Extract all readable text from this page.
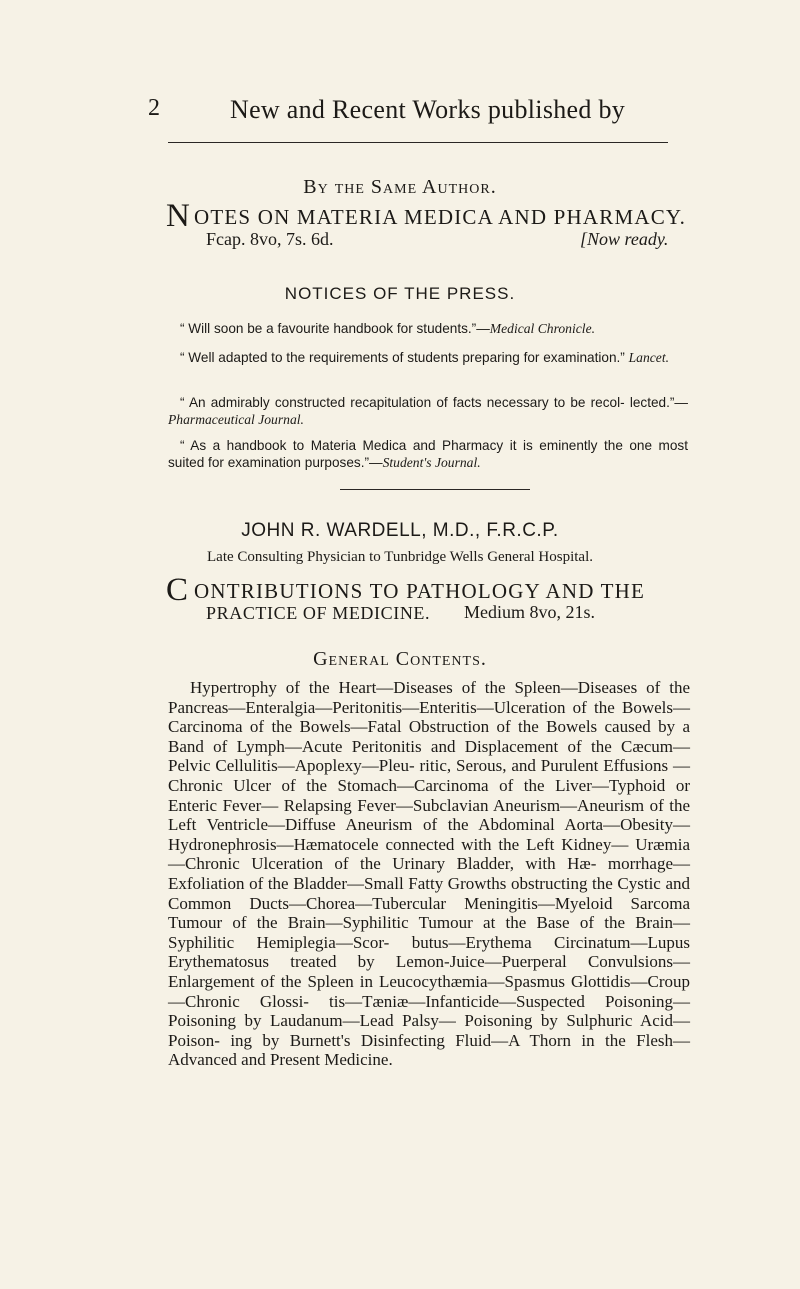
2	New and Recent Works published by
By the Same Author.
N OTES ON MATERIA MEDICA AND PHARMACY.
Fcap. 8vo, 7s. 6d.	[Now ready.
NOTICES OF THE PRESS.
“ Will soon be a favourite handbook for students.”—Medical Chronicle.
“ Well adapted to the requirements of students preparing for examination.” Lancet.
“ An admirably constructed recapitulation of facts necessary to be recol- lected.”—Pharmaceutical Journal.
“ As a handbook to Materia Medica and Pharmacy it is eminently the one most suited for examination purposes.”—Student's Journal.
JOHN R. WARDELL, M.D., F.R.C.P.
Late Consulting Physician to Tunbridge Wells General Hospital.
C ONTRIBUTIONS TO PATHOLOGY AND THE
PRACTICE OF MEDICINE.	Medium 8vo, 21s.
General Contents.
Hypertrophy of the Heart—Diseases of the Spleen—Diseases of the Pancreas—Enteralgia—Peritonitis—Enteritis—Ulceration of the Bowels—Carcinoma of the Bowels—Fatal Obstruction of the Bowels caused by a Band of Lymph—Acute Peritonitis and Displacement of the Cæcum—Pelvic Cellulitis—Apoplexy—Pleu- ritic, Serous, and Purulent Effusions — Chronic Ulcer of the Stomach—Carcinoma of the Liver—Typhoid or Enteric Fever— Relapsing Fever—Subclavian Aneurism—Aneurism of the Left Ventricle—Diffuse Aneurism of the Abdominal Aorta—Obesity— Hydronephrosis—Hæmatocele connected with the Left Kidney— Uræmia—Chronic Ulceration of the Urinary Bladder, with Hæ- morrhage—Exfoliation of the Bladder—Small Fatty Growths obstructing the Cystic and Common Ducts—Chorea—Tubercular Meningitis—Myeloid Sarcoma Tumour of the Brain—Syphilitic Tumour at the Base of the Brain—Syphilitic Hemiplegia—Scor- butus—Erythema Circinatum—Lupus Erythematosus treated by Lemon-Juice—Puerperal Convulsions—Enlargement of the Spleen in Leucocythæmia—Spasmus Glottidis—Croup—Chronic Glossi- tis—Tæniæ—Infanticide—Suspected Poisoning—Poisoning by Laudanum—Lead Palsy— Poisoning by Sulphuric Acid—Poison- ing by Burnett's Disinfecting Fluid—A Thorn in the Flesh— Advanced and Present Medicine.
